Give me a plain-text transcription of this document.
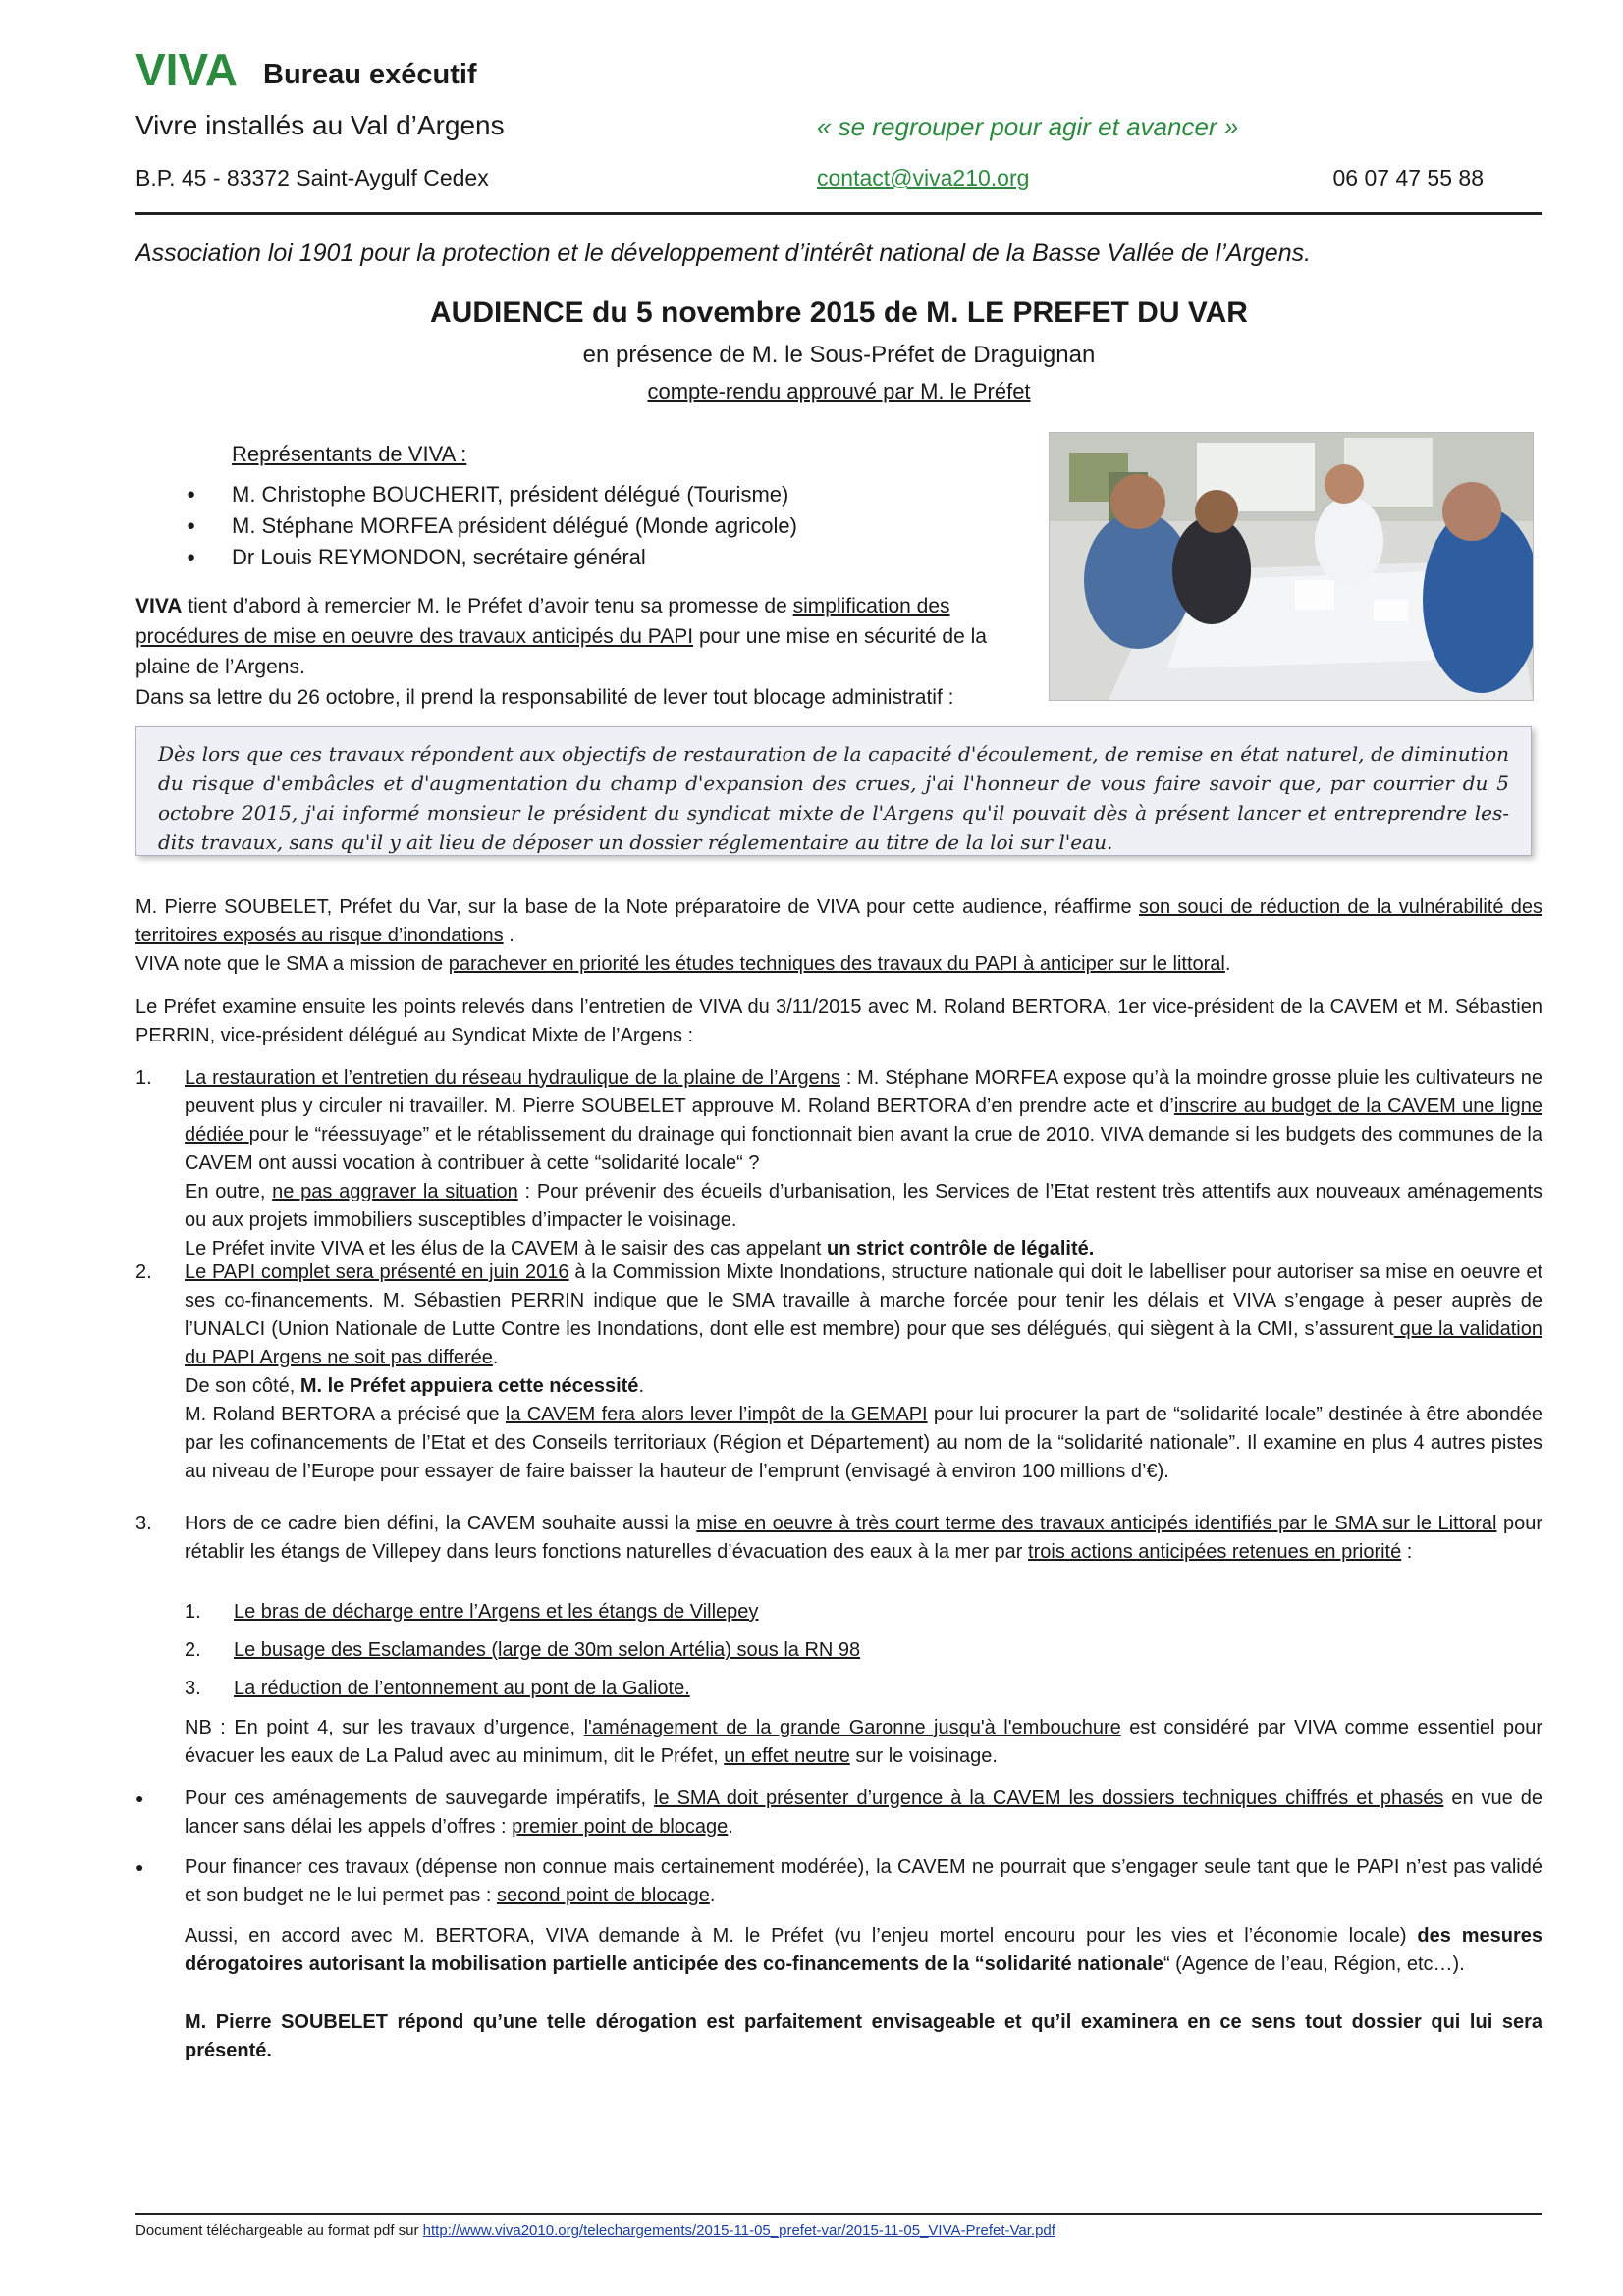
VIVA Bureau exécutif
Vivre installés au Val d’Argens	« se regrouper pour agir et avancer »
B.P. 45 - 83372 Saint-Aygulf Cedex	contact@viva210.org	06 07 47 55 88
Association loi 1901 pour la protection et le développement d’intérêt national de la Basse Vallée de l’Argens.
AUDIENCE du 5 novembre 2015 de M. LE PREFET DU VAR
en présence de M. le Sous-Préfet de Draguignan
compte-rendu approuvé par M. le Préfet
Représentants de VIVA :
● M. Christophe BOUCHERIT, président délégué (Tourisme)
● M. Stéphane MORFEA président délégué (Monde agricole)
● Dr Louis REYMONDON, secrétaire général
VIVA tient d’abord à remercier M. le Préfet d’avoir tenu sa promesse de simplification des procédures de mise en oeuvre des travaux anticipés du PAPI pour une mise en sécurité de la plaine de l’Argens.
Dans sa lettre du 26 octobre, il prend la responsabilité de lever tout blocage administratif :

Dès lors que ces travaux répondent aux objectifs de restauration de la capacité d'écoulement, de remise en état naturel, de diminution du risque d'embâcles et d'augmentation du champ d'expansion des crues, j'ai l'honneur de vous faire savoir que, par courrier du 5 octobre 2015, j'ai informé monsieur le président du syndicat mixte de l'Argens qu'il pouvait dès à présent lancer et entreprendre les-dits travaux, sans qu'il y ait lieu de déposer un dossier réglementaire au titre de la loi sur l'eau.

M. Pierre SOUBELET, Préfet du Var, sur la base de la Note préparatoire de VIVA pour cette audience, réaffirme son souci de réduction de la vulnérabilité des territoires exposés au risque d’inondations .
VIVA note que le SMA a mission de parachever en priorité les études techniques des travaux du PAPI à anticiper sur le littoral.
Le Préfet examine ensuite les points relevés dans l’entretien de VIVA du 3/11/2015 avec M. Roland BERTORA, 1er vice-président de la CAVEM et M. Sébastien PERRIN, vice-président délégué au Syndicat Mixte de l’Argens :
1.	La restauration et l’entretien du réseau hydraulique de la plaine de l’Argens : M. Stéphane MORFEA expose qu’à la moindre grosse pluie les cultivateurs ne peuvent plus y circuler ni travailler. M. Pierre SOUBELET approuve M. Roland BERTORA d’en prendre acte et d’inscrire au budget de la CAVEM une ligne dédiée pour le “réessuyage” et le rétablissement du drainage qui fonctionnait bien avant la crue de 2010. VIVA demande si les budgets des communes de la CAVEM ont aussi vocation à contribuer à cette “solidarité locale“ ?
En outre, ne pas aggraver la situation : Pour prévenir des écueils d’urbanisation, les Services de l’Etat restent très attentifs aux nouveaux aménagements ou aux projets immobiliers susceptibles d’impacter le voisinage.
Le Préfet invite VIVA et les élus de la CAVEM à le saisir des cas appelant un strict contrôle de légalité.
2.	Le PAPI complet sera présenté en juin 2016 à la Commission Mixte Inondations, structure nationale qui doit le labelliser pour autoriser sa mise en oeuvre et ses co-financements. M. Sébastien PERRIN indique que le SMA travaille à marche forcée pour tenir les délais et VIVA s’engage à peser auprès de l’UNALCI (Union Nationale de Lutte Contre les Inondations, dont elle est membre) pour que ses délégués, qui siègent à la CMI, s’assurent que la validation du PAPI Argens ne soit pas differée.
De son côté, M. le Préfet appuiera cette nécessité.
M. Roland BERTORA a précisé que la CAVEM fera alors lever l’impôt de la GEMAPI pour lui procurer la part de “solidarité locale” destinée à être abondée par les cofinancements de l’Etat et des Conseils territoriaux (Région et Département) au nom de la “solidarité nationale”. Il examine en plus 4 autres pistes au niveau de l’Europe pour essayer de faire baisser la hauteur de l’emprunt (envisagé à environ 100 millions d’€).
3.	Hors de ce cadre bien défini, la CAVEM souhaite aussi la mise en oeuvre à très court terme des travaux anticipés identifiés par le SMA sur le Littoral pour rétablir les étangs de Villepey dans leurs fonctions naturelles d’évacuation des eaux à la mer par trois actions anticipées retenues en priorité :
1. Le bras de décharge entre l’Argens et les étangs de Villepey
2. Le busage des Esclamandes (large de 30m selon Artélia) sous la RN 98
3. La réduction de l’entonnement au pont de la Galiote.
NB : En point 4, sur les travaux d’urgence, l'aménagement de la grande Garonne jusqu'à l'embouchure est considéré par VIVA comme essentiel pour évacuer les eaux de La Palud avec au minimum, dit le Préfet, un effet neutre sur le voisinage.
● Pour ces aménagements de sauvegarde impératifs, le SMA doit présenter d’urgence à la CAVEM les dossiers techniques chiffrés et phasés en vue de lancer sans délai les appels d’offres : premier point de blocage.
● Pour financer ces travaux (dépense non connue mais certainement modérée), la CAVEM ne pourrait que s’engager seule tant que le PAPI n’est pas validé et son budget ne le lui permet pas : second point de blocage.
Aussi, en accord avec M. BERTORA, VIVA demande à M. le Préfet (vu l’enjeu mortel encouru pour les vies et l’économie locale) des mesures dérogatoires autorisant la mobilisation partielle anticipée des co-financements de la “solidarité nationale“ (Agence de l’eau, Région, etc…).
M. Pierre SOUBELET répond qu’une telle dérogation est parfaitement envisageable et qu’il examinera en ce sens tout dossier qui lui sera présenté.
Document téléchargeable au format pdf sur http://www.viva2010.org/telechargements/2015-11-05_prefet-var/2015-11-05_VIVA-Prefet-Var.pdf
